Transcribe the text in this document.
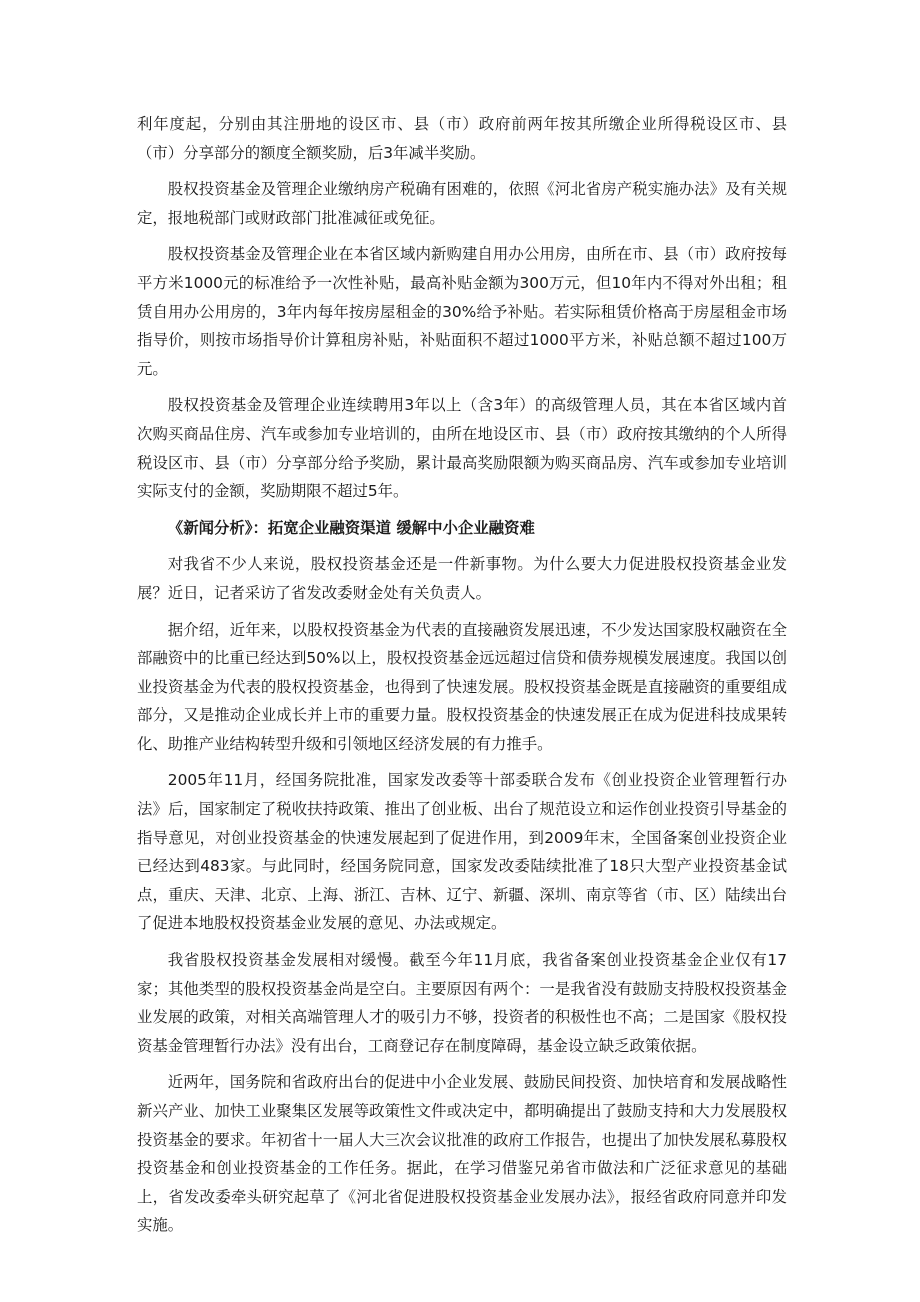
利年度起，分别由其注册地的设区市、县（市）政府前两年按其所缴企业所得税设区市、县（市）分享部分的额度全额奖励，后3年减半奖励。

股权投资基金及管理企业缴纳房产税确有困难的，依照《河北省房产税实施办法》及有关规定，报地税部门或财政部门批准减征或免征。

股权投资基金及管理企业在本省区域内新购建自用办公用房，由所在市、县（市）政府按每平方米1000元的标准给予一次性补贴，最高补贴金额为300万元，但10年内不得对外出租；租赁自用办公用房的，3年内每年按房屋租金的30%给予补贴。若实际租赁价格高于房屋租金市场指导价，则按市场指导价计算租房补贴，补贴面积不超过1000平方米，补贴总额不超过100万元。

股权投资基金及管理企业连续聘用3年以上（含3年）的高级管理人员，其在本省区域内首次购买商品住房、汽车或参加专业培训的，由所在地设区市、县（市）政府按其缴纳的个人所得税设区市、县（市）分享部分给予奖励，累计最高奖励限额为购买商品房、汽车或参加专业培训实际支付的金额，奖励期限不超过5年。

《新闻分析》：拓宽企业融资渠道 缓解中小企业融资难

对我省不少人来说，股权投资基金还是一件新事物。为什么要大力促进股权投资基金业发展？近日，记者采访了省发改委财金处有关负责人。

据介绍，近年来，以股权投资基金为代表的直接融资发展迅速，不少发达国家股权融资在全部融资中的比重已经达到50%以上，股权投资基金远远超过信贷和债券规模发展速度。我国以创业投资基金为代表的股权投资基金，也得到了快速发展。股权投资基金既是直接融资的重要组成部分，又是推动企业成长并上市的重要力量。股权投资基金的快速发展正在成为促进科技成果转化、助推产业结构转型升级和引领地区经济发展的有力推手。

2005年11月，经国务院批准，国家发改委等十部委联合发布《创业投资企业管理暂行办法》后，国家制定了税收扶持政策、推出了创业板、出台了规范设立和运作创业投资引导基金的指导意见，对创业投资基金的快速发展起到了促进作用，到2009年末，全国备案创业投资企业已经达到483家。与此同时，经国务院同意，国家发改委陆续批准了18只大型产业投资基金试点，重庆、天津、北京、上海、浙江、吉林、辽宁、新疆、深圳、南京等省（市、区）陆续出台了促进本地股权投资基金业发展的意见、办法或规定。

我省股权投资基金发展相对缓慢。截至今年11月底，我省备案创业投资基金企业仅有17家；其他类型的股权投资基金尚是空白。主要原因有两个：一是我省没有鼓励支持股权投资基金业发展的政策，对相关高端管理人才的吸引力不够，投资者的积极性也不高；二是国家《股权投资基金管理暂行办法》没有出台，工商登记存在制度障碍，基金设立缺乏政策依据。

近两年，国务院和省政府出台的促进中小企业发展、鼓励民间投资、加快培育和发展战略性新兴产业、加快工业聚集区发展等政策性文件或决定中，都明确提出了鼓励支持和大力发展股权投资基金的要求。年初省十一届人大三次会议批准的政府工作报告，也提出了加快发展私募股权投资基金和创业投资基金的工作任务。据此，在学习借鉴兄弟省市做法和广泛征求意见的基础上，省发改委牵头研究起草了《河北省促进股权投资基金业发展办法》，报经省政府同意并印发实施。
